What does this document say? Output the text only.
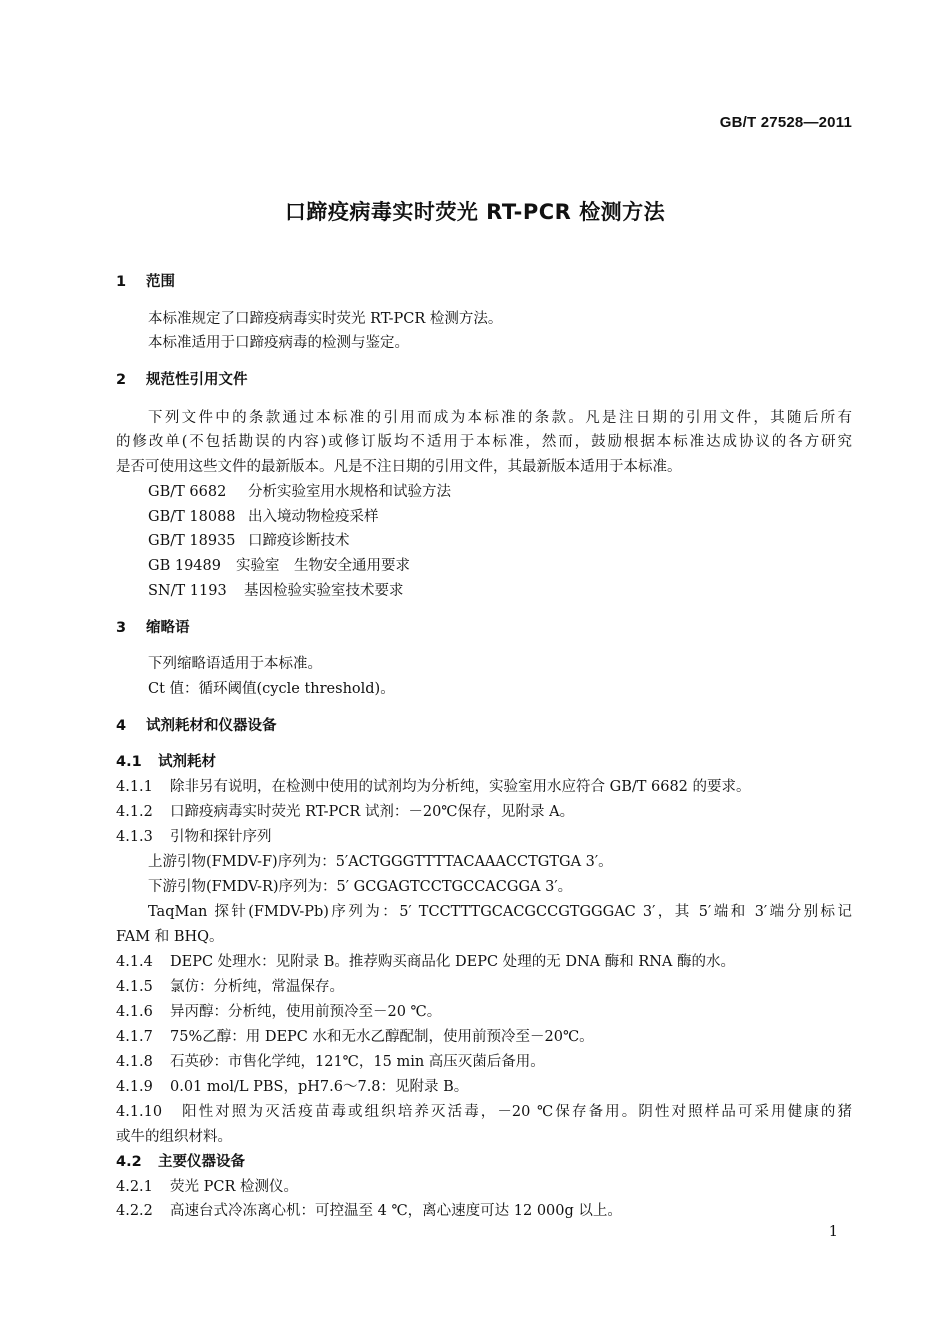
GB/T 27528—2011
口蹄疫病毒实时荧光 RT-PCR 检测方法
1 范围
本标准规定了口蹄疫病毒实时荧光 RT-PCR 检测方法。
本标准适用于口蹄疫病毒的检测与鉴定。
2 规范性引用文件
下列文件中的条款通过本标准的引用而成为本标准的条款。凡是注日期的引用文件，其随后所有
的修改单(不包括勘误的内容)或修订版均不适用于本标准，然而，鼓励根据本标准达成协议的各方研究
是否可使用这些文件的最新版本。凡是不注日期的引用文件，其最新版本适用于本标准。
GB/T 6682 分析实验室用水规格和试验方法
GB/T 18088 出入境动物检疫采样
GB/T 18935 口蹄疫诊断技术
GB 19489 实验室　生物安全通用要求
SN/T 1193 基因检验实验室技术要求
3 缩略语
下列缩略语适用于本标准。
Ct 值：循环阈值(cycle threshold)。
4 试剂耗材和仪器设备
4.1 试剂耗材
4.1.1 除非另有说明，在检测中使用的试剂均为分析纯，实验室用水应符合 GB/T 6682 的要求。
4.1.2 口蹄疫病毒实时荧光 RT-PCR 试剂：－20℃保存，见附录 A。
4.1.3 引物和探针序列
上游引物(FMDV-F)序列为：5′ACTGGGTTTTACAAACCTGTGA 3′。
下游引物(FMDV-R)序列为：5′ GCGAGTCCTGCCACGGA 3′。
TaqMan 探针(FMDV-Pb)序列为：5′ TCCTTTGCACGCCGTGGGAC 3′，其 5′端和 3′端分别标记
FAM 和 BHQ。
4.1.4 DEPC 处理水：见附录 B。推荐购买商品化 DEPC 处理的无 DNA 酶和 RNA 酶的水。
4.1.5 氯仿：分析纯，常温保存。
4.1.6 异丙醇：分析纯，使用前预冷至－20 ℃。
4.1.7 75%乙醇：用 DEPC 水和无水乙醇配制，使用前预冷至－20℃。
4.1.8 石英砂：市售化学纯，121℃，15 min 高压灭菌后备用。
4.1.9 0.01 mol/L PBS，pH7.6～7.8：见附录 B。
4.1.10 阳性对照为灭活疫苗毒或组织培养灭活毒，－20 ℃保存备用。阴性对照样品可采用健康的猪
或牛的组织材料。
4.2 主要仪器设备
4.2.1 荧光 PCR 检测仪。
4.2.2 高速台式冷冻离心机：可控温至 4 ℃，离心速度可达 12 000g 以上。
1
